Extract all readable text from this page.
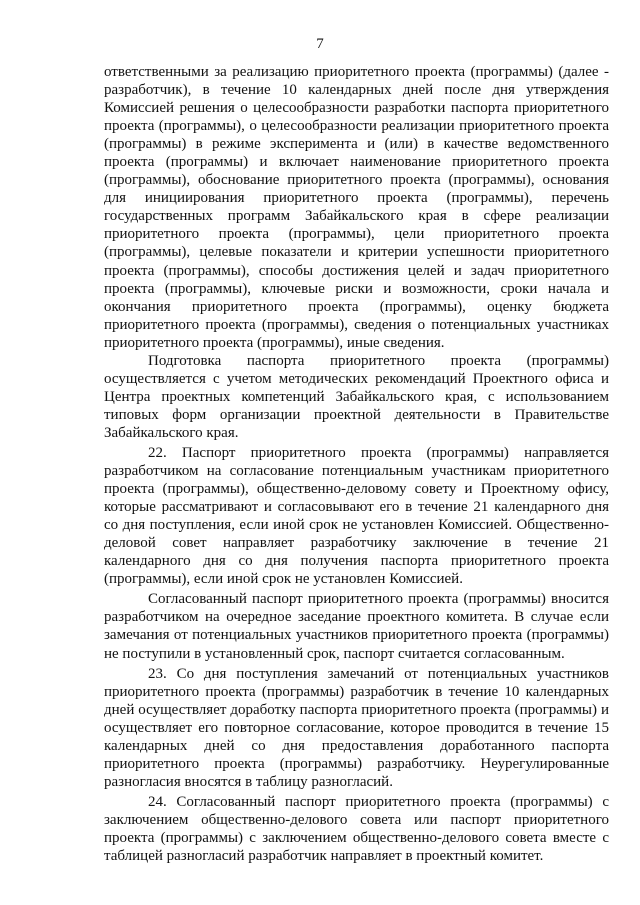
7

ответственными за реализацию приоритетного проекта (программы) (далее - разработчик), в течение 10 календарных дней после дня утверждения Комиссией решения о целесообразности разработки паспорта приоритетного проекта (программы), о целесообразности реализации приоритетного проекта (программы) в режиме эксперимента и (или) в качестве ведомственного проекта (программы) и включает наименование приоритетного проекта (программы), обоснование приоритетного проекта (программы), основания для инициирования приоритетного проекта (программы), перечень государственных программ Забайкальского края в сфере реализации приоритетного проекта (программы), цели приоритетного проекта (программы), целевые показатели и критерии успешности приоритетного проекта (программы), способы достижения целей и задач приоритетного проекта (программы), ключевые риски и возможности, сроки начала и окончания приоритетного проекта (программы), оценку бюджета приоритетного проекта (программы), сведения о потенциальных участниках приоритетного проекта (программы), иные сведения.

Подготовка паспорта приоритетного проекта (программы) осуществляется с учетом методических рекомендаций Проектного офиса и Центра проектных компетенций Забайкальского края, с использованием типовых форм организации проектной деятельности в Правительстве Забайкальского края.

22. Паспорт приоритетного проекта (программы) направляется разработчиком на согласование потенциальным участникам приоритетного проекта (программы), общественно-деловому совету и Проектному офису, которые рассматривают и согласовывают его в течение 21 календарного дня со дня поступления, если иной срок не установлен Комиссией. Общественно-деловой совет направляет разработчику заключение в течение 21 календарного дня со дня получения паспорта приоритетного проекта (программы), если иной срок не установлен Комиссией.

Согласованный паспорт приоритетного проекта (программы) вносится разработчиком на очередное заседание проектного комитета. В случае если замечания от потенциальных участников приоритетного проекта (программы) не поступили в установленный срок, паспорт считается согласованным.

23. Со дня поступления замечаний от потенциальных участников приоритетного проекта (программы) разработчик в течение 10 календарных дней осуществляет доработку паспорта приоритетного проекта (программы) и осуществляет его повторное согласование, которое проводится в течение 15 календарных дней со дня предоставления доработанного паспорта приоритетного проекта (программы) разработчику. Неурегулированные разногласия вносятся в таблицу разногласий.

24. Согласованный паспорт приоритетного проекта (программы) с заключением общественно-делового совета или паспорт приоритетного проекта (программы) с заключением общественно-делового совета вместе с таблицей разногласий разработчик направляет в проектный комитет.
